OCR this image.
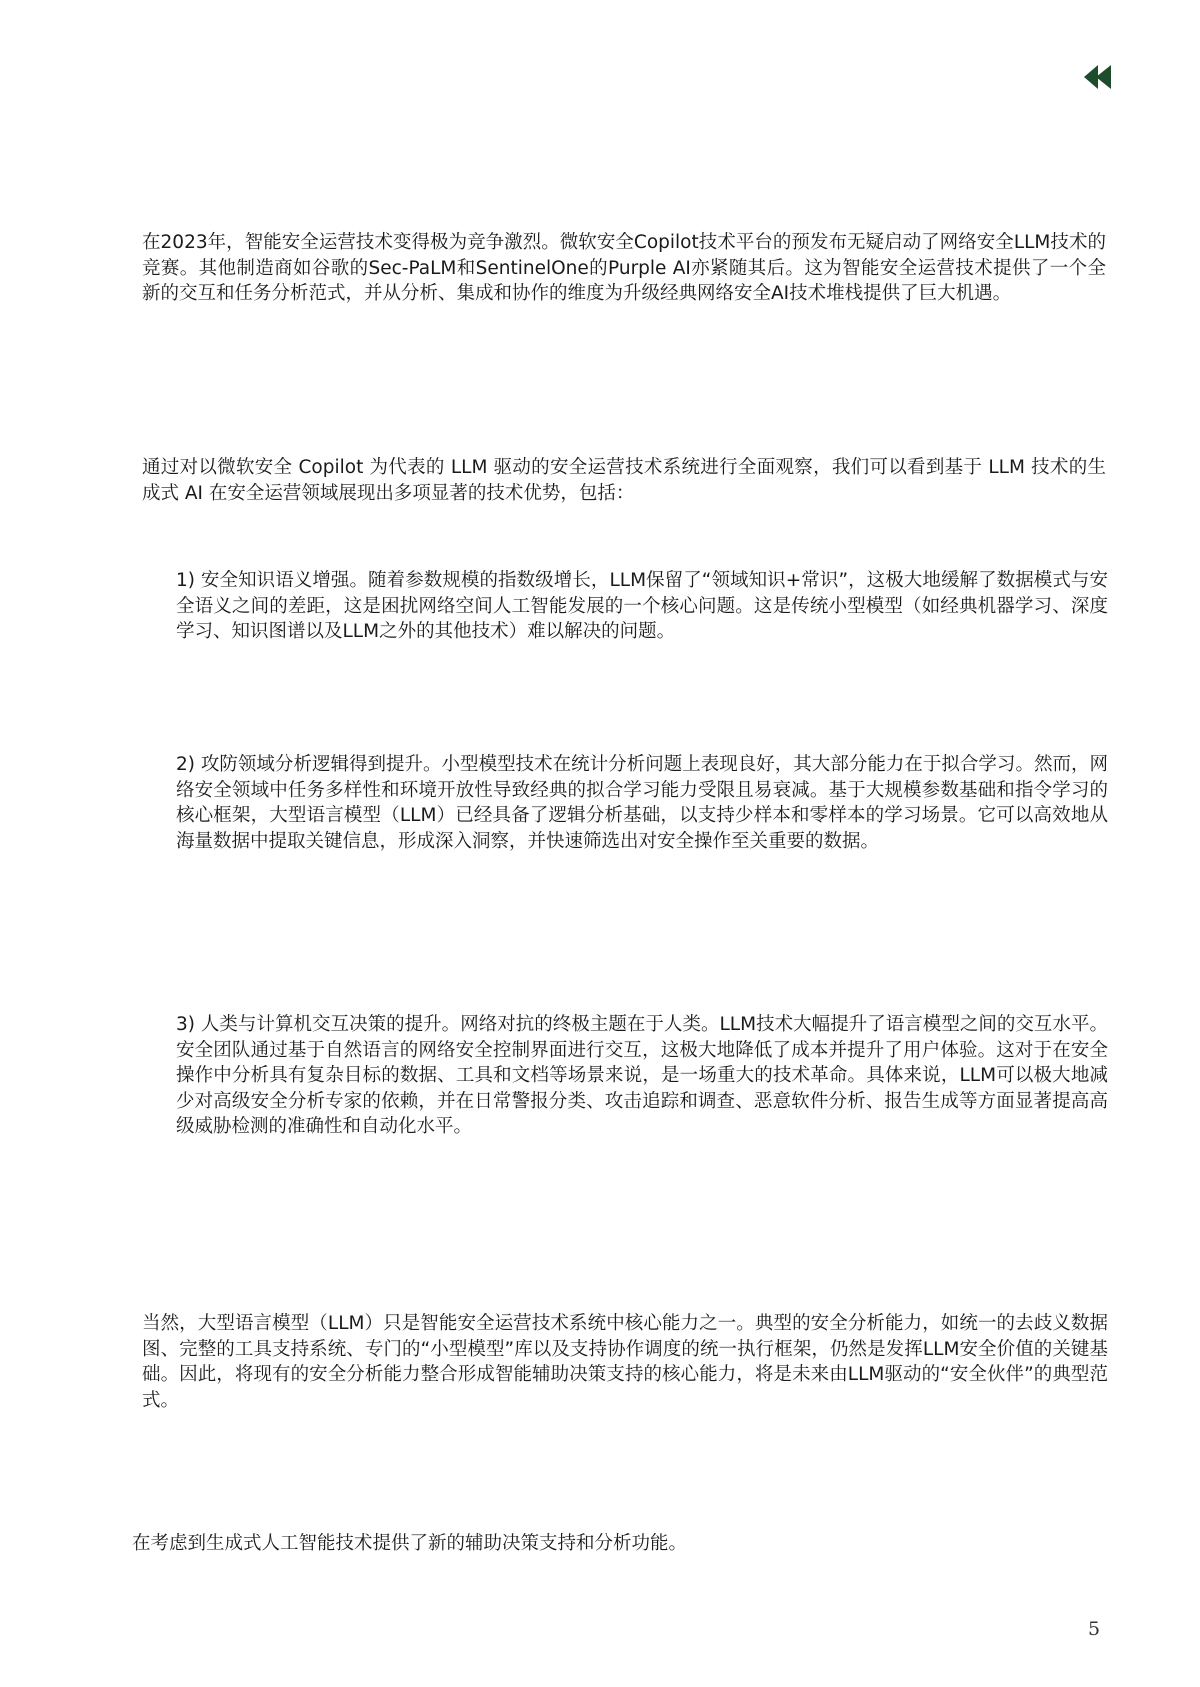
在2023年，智能安全运营技术变得极为竞争激烈。微软安全Copilot技术平台的预发布无疑启动了网络安全LLM技术的竞赛。其他制造商如谷歌的Sec-PaLM和SentinelOne的Purple AI亦紧随其后。这为智能安全运营技术提供了一个全新的交互和任务分析范式，并从分析、集成和协作的维度为升级经典网络安全AI技术堆栈提供了巨大机遇。

通过对以微软安全 Copilot 为代表的 LLM 驱动的安全运营技术系统进行全面观察，我们可以看到基于 LLM 技术的生成式 AI 在安全运营领域展现出多项显著的技术优势，包括：

1) 安全知识语义增强。随着参数规模的指数级增长，LLM保留了“领域知识+常识”，这极大地缓解了数据模式与安全语义之间的差距，这是困扰网络空间人工智能发展的一个核心问题。这是传统小型模型（如经典机器学习、深度学习、知识图谱以及LLM之外的其他技术）难以解决的问题。

2) 攻防领域分析逻辑得到提升。小型模型技术在统计分析问题上表现良好，其大部分能力在于拟合学习。然而，网络安全领域中任务多样性和环境开放性导致经典的拟合学习能力受限且易衰减。基于大规模参数基础和指令学习的核心框架，大型语言模型（LLM）已经具备了逻辑分析基础，以支持少样本和零样本的学习场景。它可以高效地从海量数据中提取关键信息，形成深入洞察，并快速筛选出对安全操作至关重要的数据。

3) 人类与计算机交互决策的提升。网络对抗的终极主题在于人类。LLM技术大幅提升了语言模型之间的交互水平。安全团队通过基于自然语言的网络安全控制界面进行交互，这极大地降低了成本并提升了用户体验。这对于在安全操作中分析具有复杂目标的数据、工具和文档等场景来说，是一场重大的技术革命。具体来说，LLM可以极大地减少对高级安全分析专家的依赖，并在日常警报分类、攻击追踪和调查、恶意软件分析、报告生成等方面显著提高高级威胁检测的准确性和自动化水平。

当然，大型语言模型（LLM）只是智能安全运营技术系统中核心能力之一。典型的安全分析能力，如统一的去歧义数据图、完整的工具支持系统、专门的“小型模型”库以及支持协作调度的统一执行框架，仍然是发挥LLM安全价值的关键基础。因此，将现有的安全分析能力整合形成智能辅助决策支持的核心能力，将是未来由LLM驱动的“安全伙伴”的典型范式。

在考虑到生成式人工智能技术提供了新的辅助决策支持和分析功能。

5
